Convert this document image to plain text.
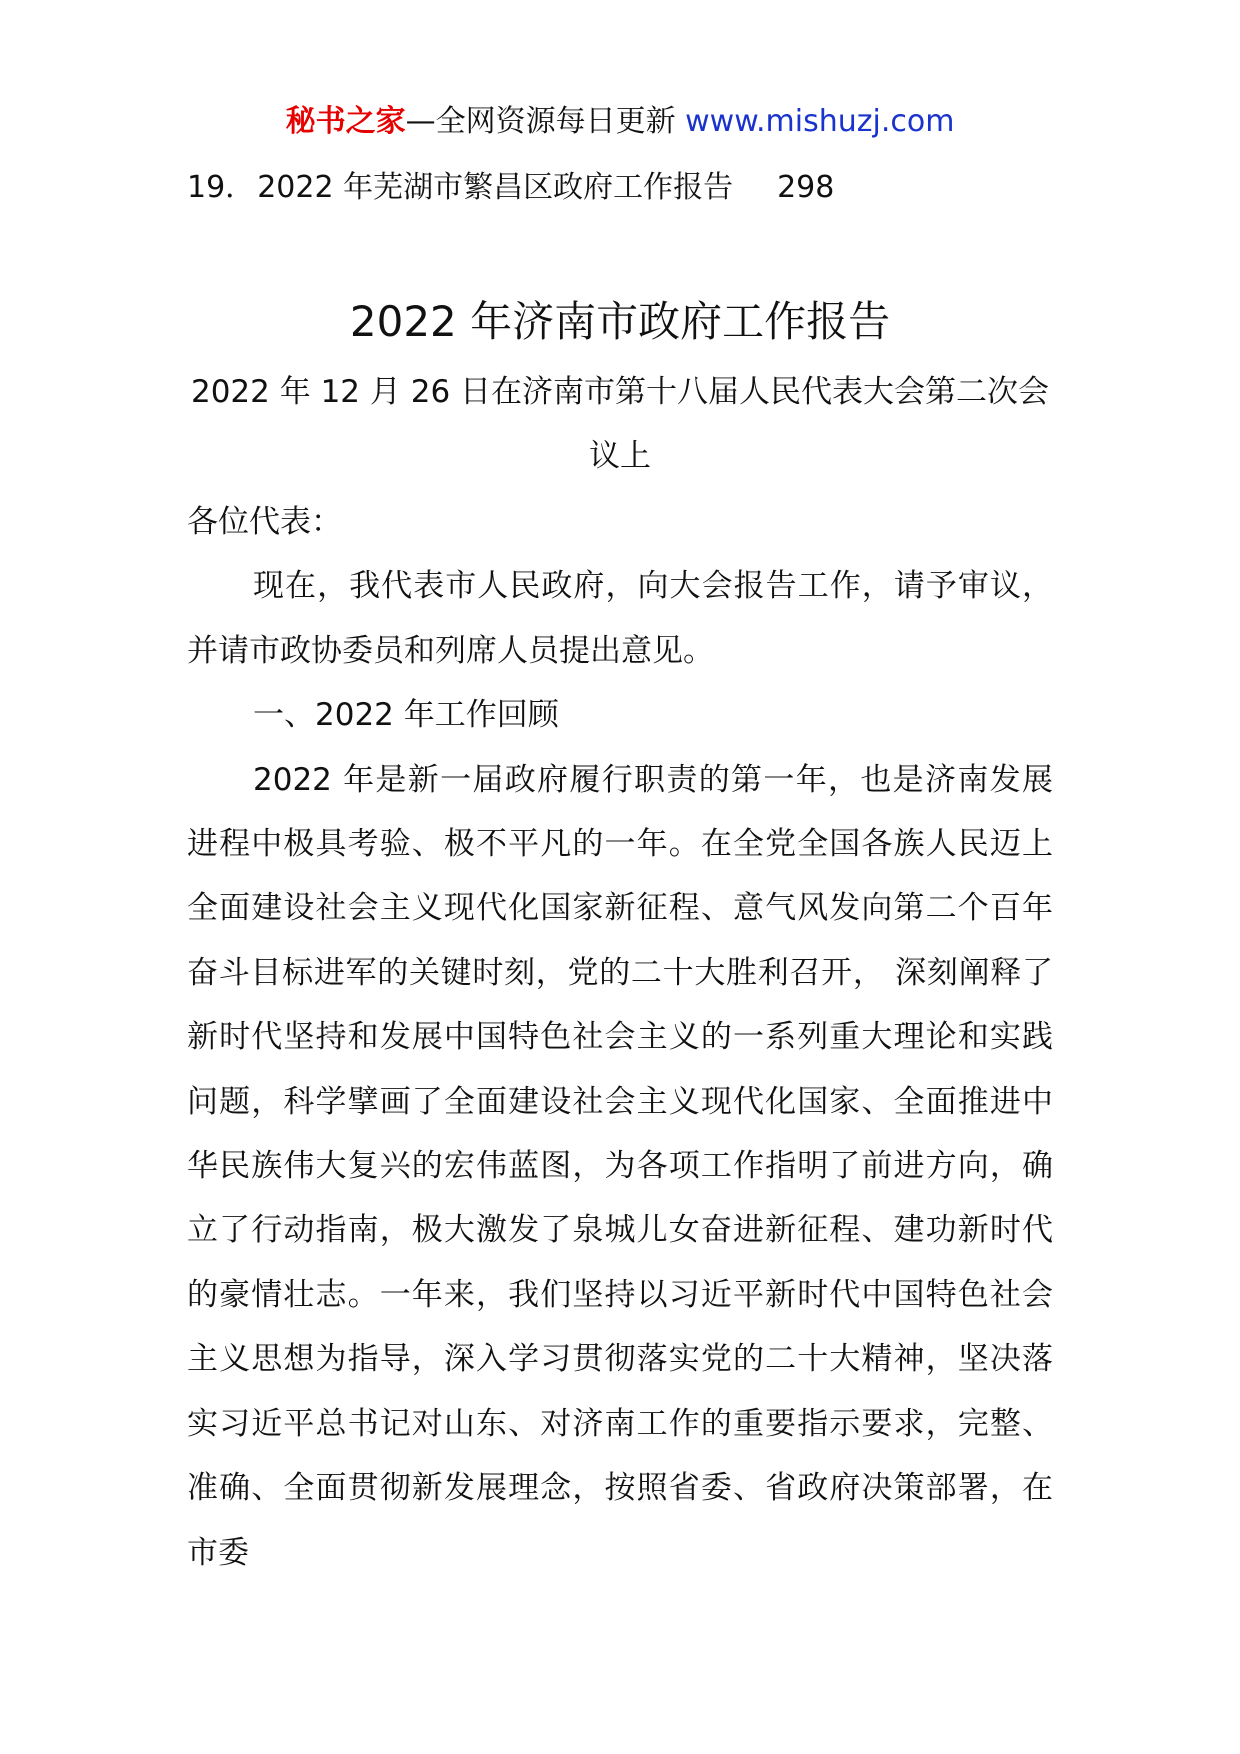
秘书之家—全网资源每日更新 www.mishuzj.com
19．2022 年芜湖市繁昌区政府工作报告 298
2022 年济南市政府工作报告
2022 年 12 月 26 日在济南市第十八届人民代表大会第二次会议上

各位代表：

现在，我代表市人民政府，向大会报告工作，请予审议，并请市政协委员和列席人员提出意见。

一、2022 年工作回顾

2022 年是新一届政府履行职责的第一年，也是济南发展进程中极具考验、极不平凡的一年。在全党全国各族人民迈上全面建设社会主义现代化国家新征程、意气风发向第二个百年奋斗目标进军的关键时刻，党的二十大胜利召开， 深刻阐释了新时代坚持和发展中国特色社会主义的一系列重大理论和实践问题，科学擘画了全面建设社会主义现代化国家、全面推进中华民族伟大复兴的宏伟蓝图，为各项工作指明了前进方向，确立了行动指南，极大激发了泉城儿女奋进新征程、建功新时代的豪情壮志。一年来，我们坚持以习近平新时代中国特色社会主义思想为指导，深入学习贯彻落实党的二十大精神，坚决落实习近平总书记对山东、对济南工作的重要指示要求，完整、准确、全面贯彻新发展理念，按照省委、省政府决策部署，在市委
